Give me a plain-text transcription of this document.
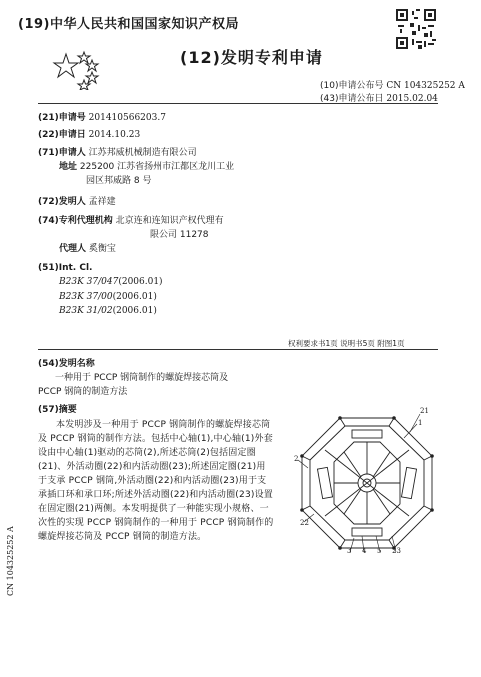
(19)中华人民共和国国家知识产权局
(12)发明专利申请
(10)申请公布号 CN 104325252 A
(43)申请公布日 2015.02.04
(21)申请号 201410566203.7
(22)申请日 2014.10.23
(71)申请人 江苏邦威机械制造有限公司
地址 225200 江苏省扬州市江都区龙川工业
园区邦威路 8 号
(72)发明人 孟祥建
(74)专利代理机构 北京连和连知识产权代理有
限公司 11278
代理人 奚衡宝
(51)Int. Cl.
B23K 37/047(2006.01)
B23K 37/00(2006.01)
B23K 31/02(2006.01)
权利要求书1页 说明书5页 附图1页
(54)发明名称
一种用于 PCCP 钢筒制作的螺旋焊接芯筒及
PCCP 钢筒的制造方法
(57)摘要
本发明涉及一种用于 PCCP 钢筒制作的螺旋焊接芯筒及 PCCP 钢筒的制作方法。包括中心轴(1),中心轴(1)外套设由中心轴(1)驱动的芯筒(2),所述芯筒(2)包括固定圈(21)、外活动圈(22)和内活动圈(23);所述固定圈(21)用于支承 PCCP 钢筒,外活动圈(22)和内活动圈(23)用于支承插口环和承口环;所述外活动圈(22)和内活动圈(23)设置在固定圈(21)两侧。本发明提供了一种能实现小规格、一次性的实现 PCCP 钢筒制作的一种用于 PCCP 钢筒制作的螺旋焊接芯筒及 PCCP 钢筒的制造方法。
21
1
2
22
3 4 5 23
CN 104325252 A
